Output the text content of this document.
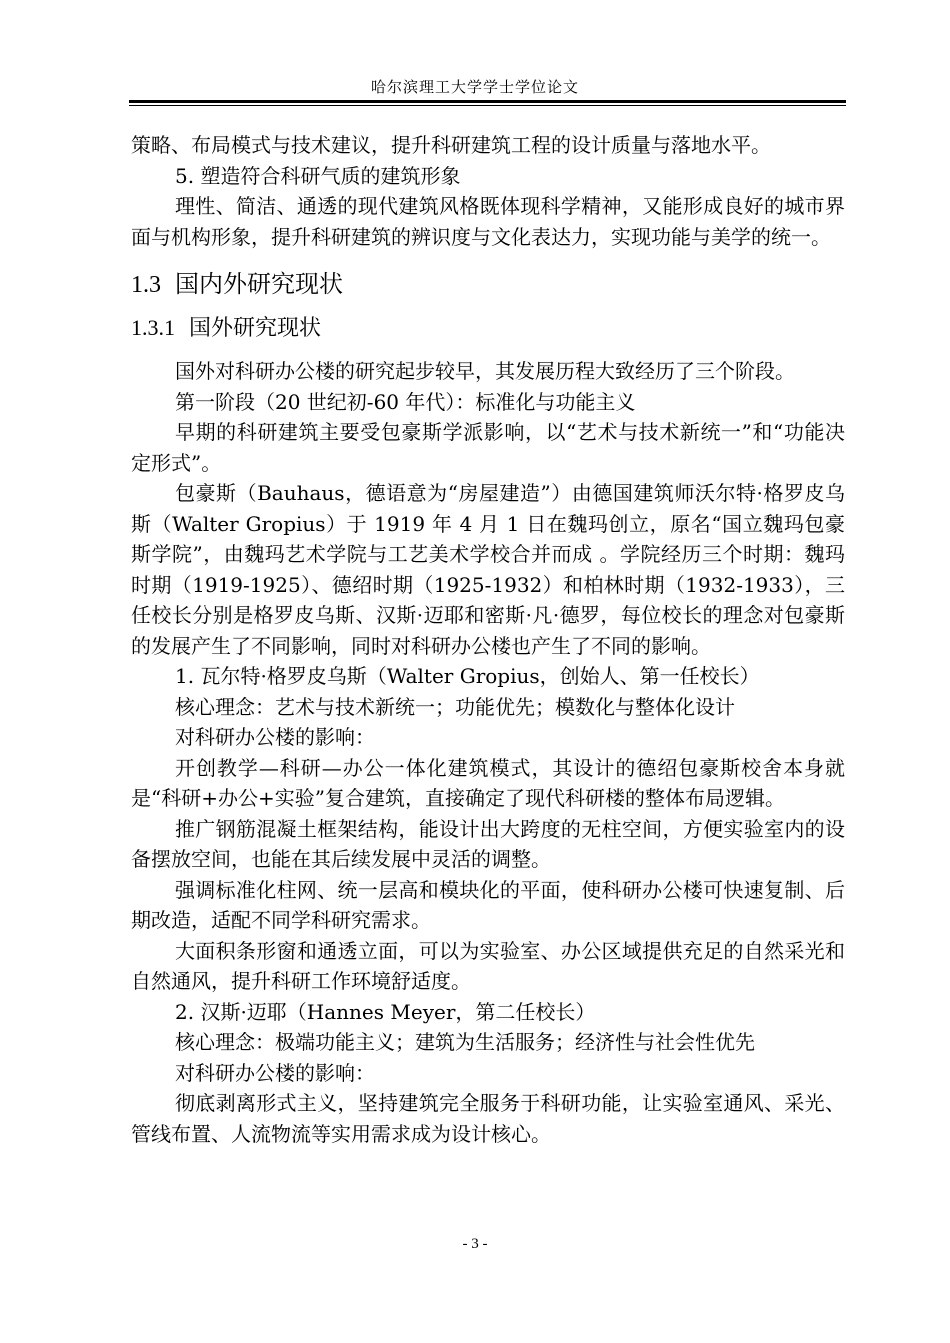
哈尔滨理工大学学士学位论文

策略、布局模式与技术建议，提升科研建筑工程的设计质量与落地水平。

5. 塑造符合科研气质的建筑形象

理性、简洁、通透的现代建筑风格既体现科学精神，又能形成良好的城市界面与机构形象，提升科研建筑的辨识度与文化表达力，实现功能与美学的统一。

1.3 国内外研究现状
1.3.1 国外研究现状

国外对科研办公楼的研究起步较早，其发展历程大致经历了三个阶段。

第一阶段（20 世纪初-60 年代）：标准化与功能主义

早期的科研建筑主要受包豪斯学派影响，以“艺术与技术新统一”和“功能决定形式”。

包豪斯（Bauhaus，德语意为“房屋建造”）由德国建筑师沃尔特·格罗皮乌斯（Walter Gropius）于 1919 年 4 月 1 日在魏玛创立，原名“国立魏玛包豪斯学院”，由魏玛艺术学院与工艺美术学校合并而成 。学院经历三个时期：魏玛时期（1919-1925）、德绍时期（1925-1932）和柏林时期（1932-1933），三任校长分别是格罗皮乌斯、汉斯·迈耶和密斯·凡·德罗，每位校长的理念对包豪斯的发展产生了不同影响，同时对科研办公楼也产生了不同的影响。

1. 瓦尔特·格罗皮乌斯（Walter Gropius，创始人、第一任校长）

核心理念：艺术与技术新统一；功能优先；模数化与整体化设计

对科研办公楼的影响：

开创教学—科研—办公一体化建筑模式，其设计的德绍包豪斯校舍本身就是“科研+办公+实验”复合建筑，直接确定了现代科研楼的整体布局逻辑。

推广钢筋混凝土框架结构，能设计出大跨度的无柱空间，方便实验室内的设备摆放空间，也能在其后续发展中灵活的调整。

强调标准化柱网、统一层高和模块化的平面，使科研办公楼可快速复制、后期改造，适配不同学科研究需求。

大面积条形窗和通透立面，可以为实验室、办公区域提供充足的自然采光和自然通风，提升科研工作环境舒适度。

2. 汉斯·迈耶（Hannes Meyer，第二任校长）

核心理念：极端功能主义；建筑为生活服务；经济性与社会性优先

对科研办公楼的影响：

彻底剥离形式主义，坚持建筑完全服务于科研功能，让实验室通风、采光、管线布置、人流物流等实用需求成为设计核心。

- 3 -
